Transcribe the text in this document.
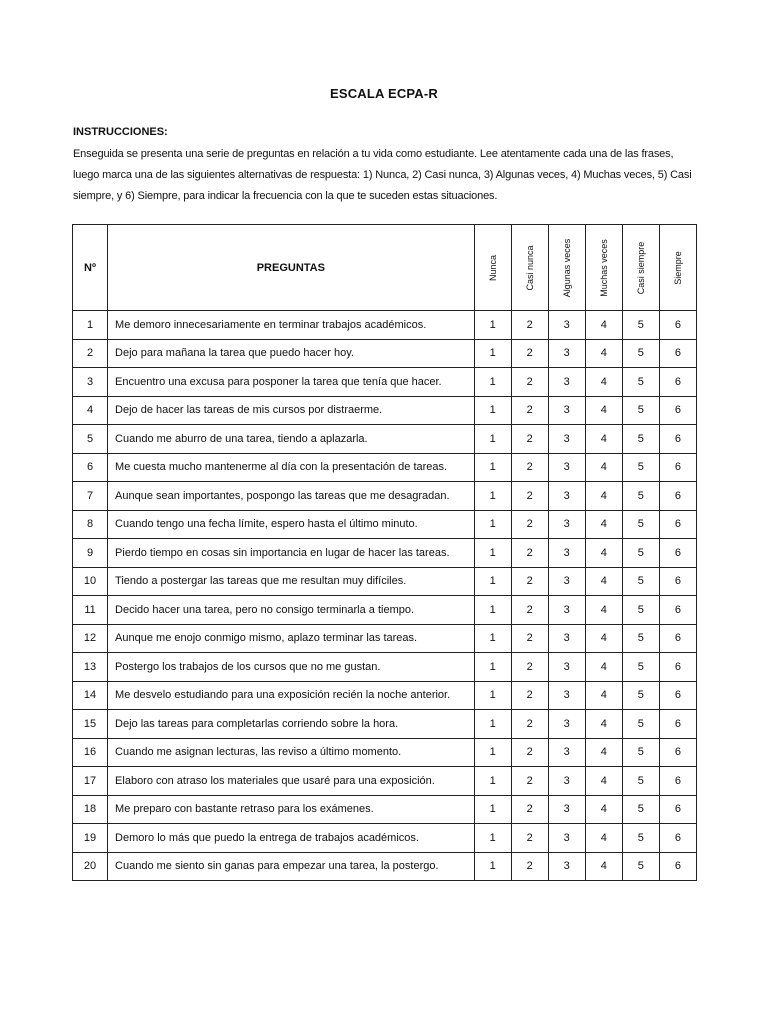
ESCALA ECPA-R
INSTRUCCIONES:
Enseguida se presenta una serie de preguntas en relación a tu vida como estudiante. Lee atentamente cada una de las frases, luego marca una de las siguientes alternativas de respuesta: 1) Nunca, 2) Casi nunca, 3) Algunas veces, 4) Muchas veces, 5) Casi siempre, y 6) Siempre, para indicar la frecuencia con la que te suceden estas situaciones.
Nº	PREGUNTAS	Nunca	Casi nunca	Algunas veces	Muchas veces	Casi siempre	Siempre

1	Me demoro innecesariamente en terminar trabajos académicos.	1	2	3	4	5	6
2	Dejo para mañana la tarea que puedo hacer hoy.	1	2	3	4	5	6
3	Encuentro una excusa para posponer la tarea que tenía que hacer.	1	2	3	4	5	6
4	Dejo de hacer las tareas de mis cursos por distraerme.	1	2	3	4	5	6
5	Cuando me aburro de una tarea, tiendo a aplazarla.	1	2	3	4	5	6
6	Me cuesta mucho mantenerme al día con la presentación de tareas.	1	2	3	4	5	6
7	Aunque sean importantes, pospongo las tareas que me desagradan.	1	2	3	4	5	6
8	Cuando tengo una fecha límite, espero hasta el último minuto.	1	2	3	4	5	6
9	Pierdo tiempo en cosas sin importancia en lugar de hacer las tareas.	1	2	3	4	5	6
10	Tiendo a postergar las tareas que me resultan muy difíciles.	1	2	3	4	5	6
11	Decido hacer una tarea, pero no consigo terminarla a tiempo.	1	2	3	4	5	6
12	Aunque me enojo conmigo mismo, aplazo terminar las tareas.	1	2	3	4	5	6
13	Postergo los trabajos de los cursos que no me gustan.	1	2	3	4	5	6
14	Me desvelo estudiando para una exposición recién la noche anterior.	1	2	3	4	5	6
15	Dejo las tareas para completarlas corriendo sobre la hora.	1	2	3	4	5	6
16	Cuando me asignan lecturas, las reviso a último momento.	1	2	3	4	5	6
17	Elaboro con atraso los materiales que usaré para una exposición.	1	2	3	4	5	6
18	Me preparo con bastante retraso para los exámenes.	1	2	3	4	5	6
19	Demoro lo más que puedo la entrega de trabajos académicos.	1	2	3	4	5	6
20	Cuando me siento sin ganas para empezar una tarea, la postergo.	1	2	3	4	5	6
